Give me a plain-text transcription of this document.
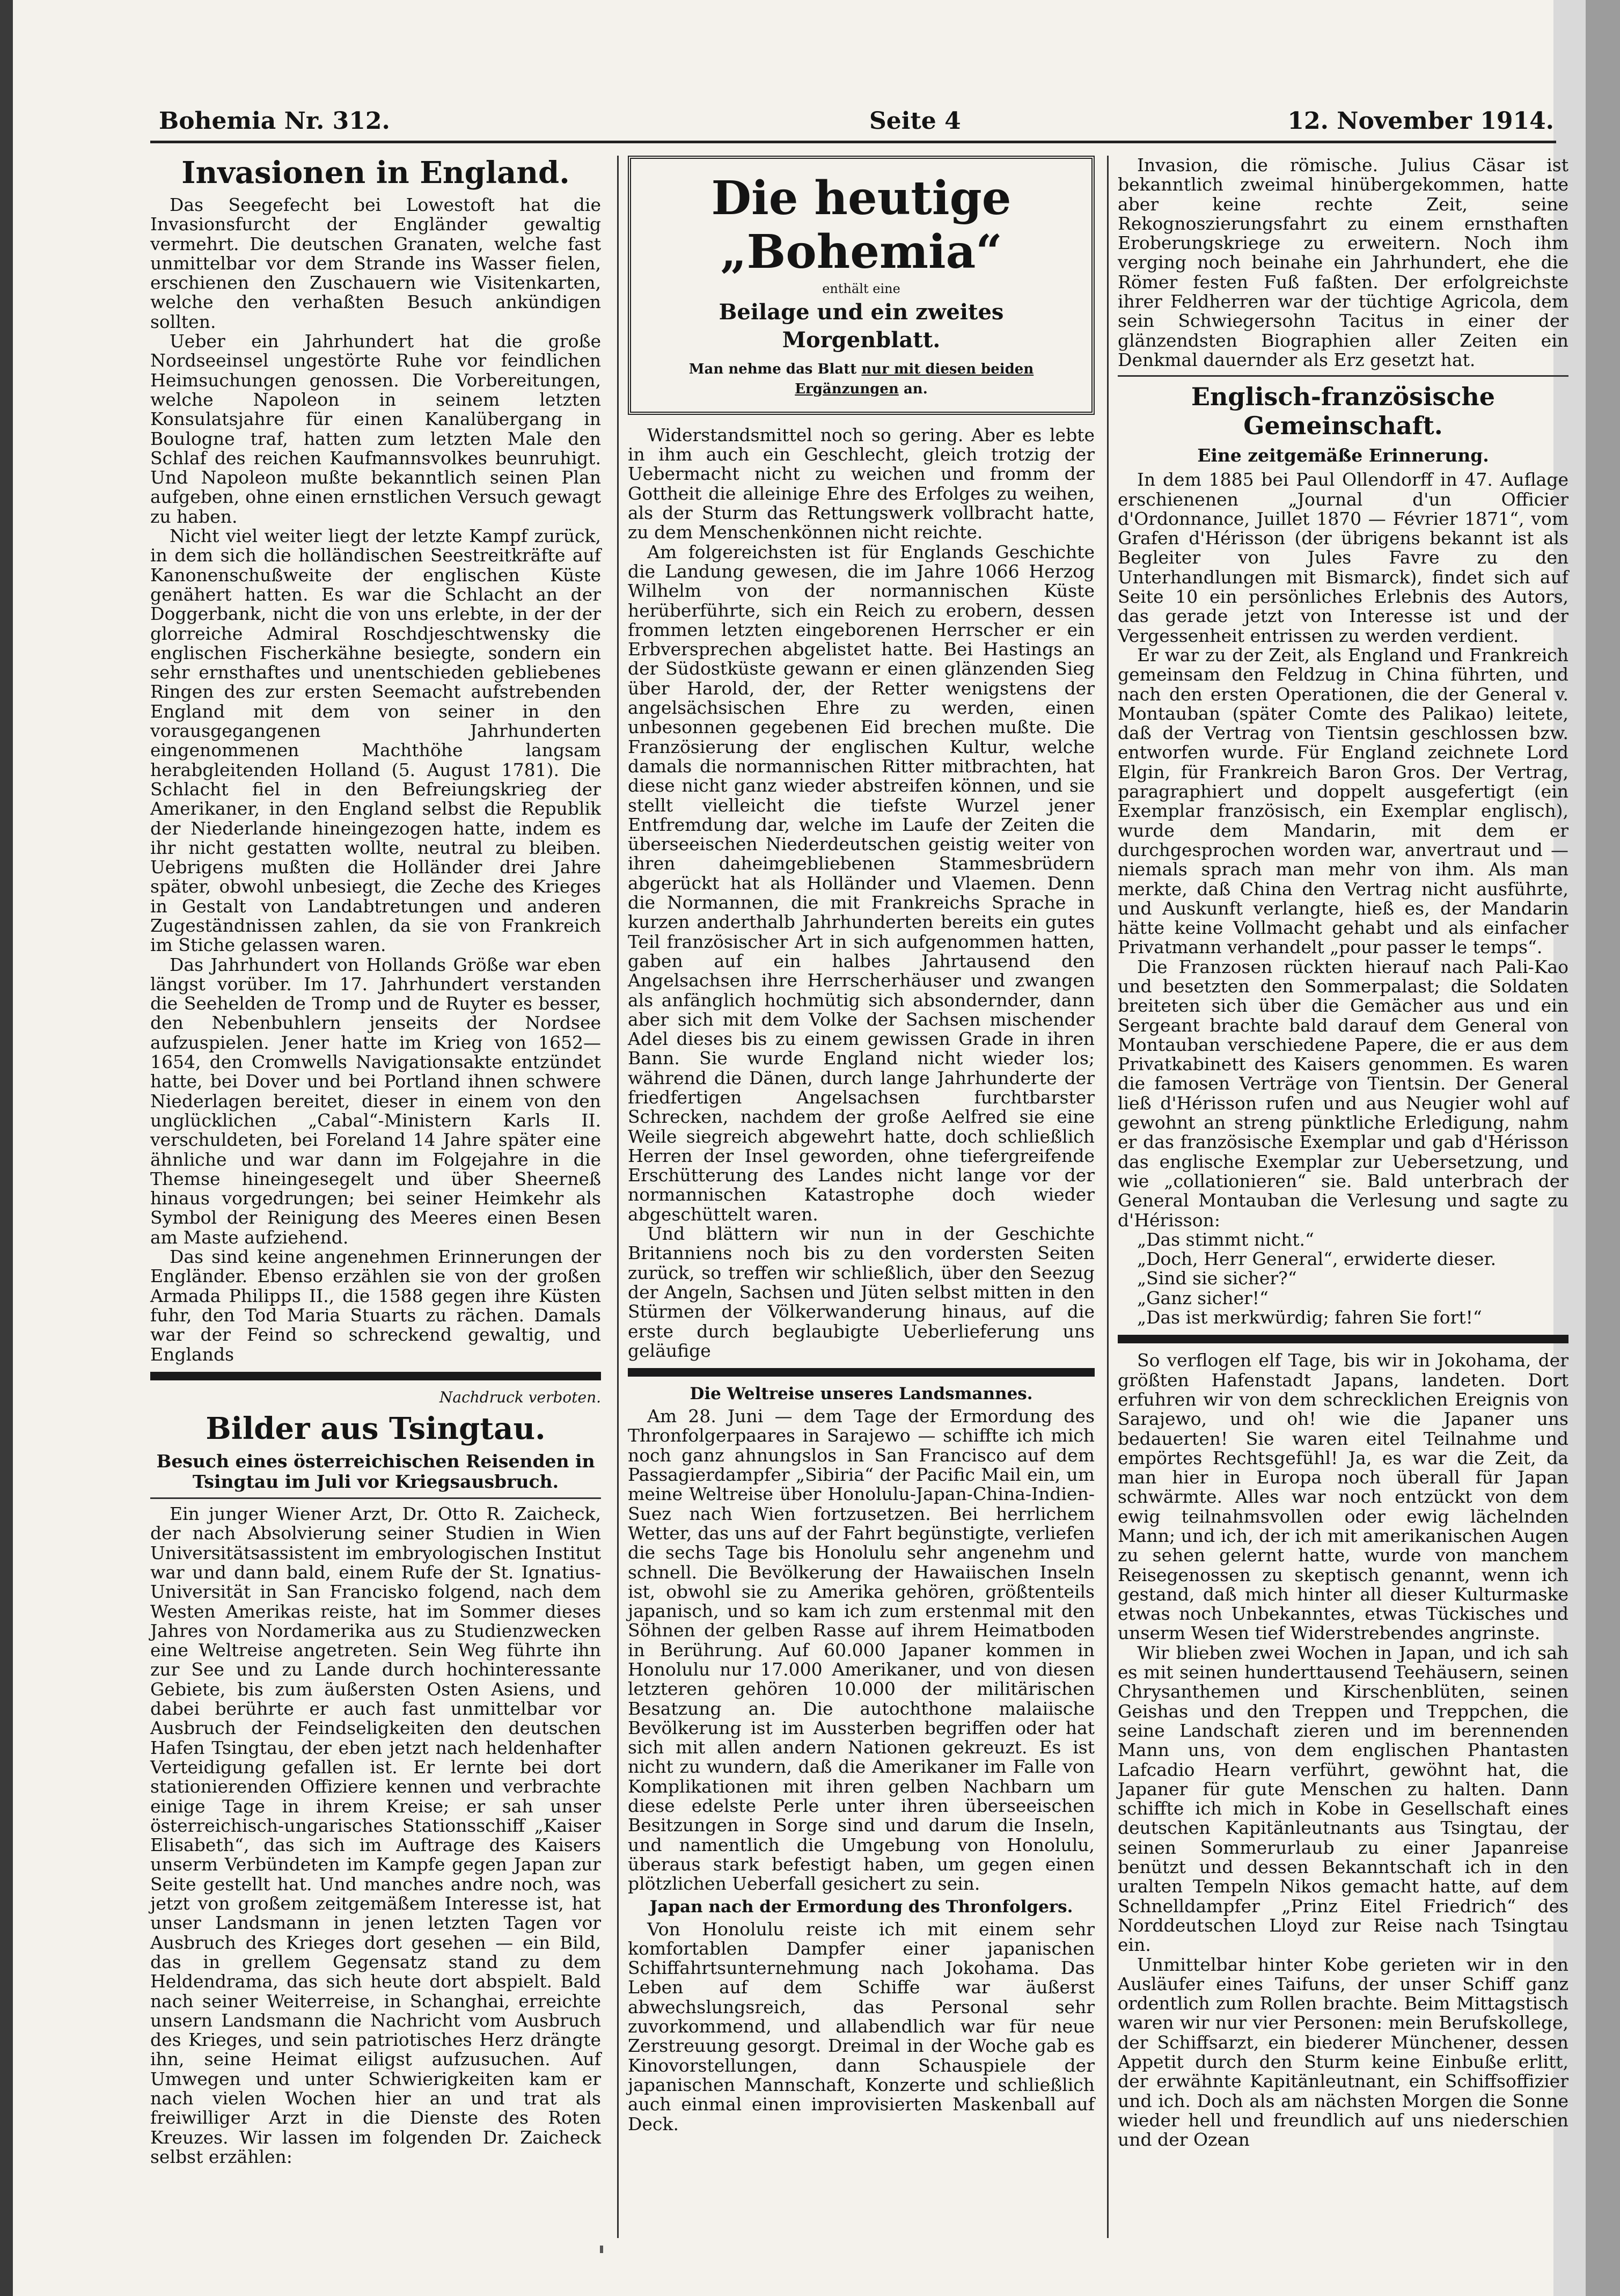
Bohemia Nr. 312.	Seite 4	12. November 1914.
Invasionen in England.

Das Seegefecht bei Lowestoft hat die Invasionsfurcht der Engländer gewaltig vermehrt. Die deutschen Granaten, welche fast unmittelbar vor dem Strande ins Wasser fielen, erschienen den Zuschauern wie Visitenkarten, welche den verhaßten Besuch ankündigen sollten.

Ueber ein Jahrhundert hat die große Nordseeinsel ungestörte Ruhe vor feindlichen Heimsuchungen genossen. Die Vorbereitungen, welche Napoleon in seinem letzten Konsulatsjahre für einen Kanalübergang in Boulogne traf, hatten zum letzten Male den Schlaf des reichen Kaufmannsvolkes beunruhigt. Und Napoleon mußte bekanntlich seinen Plan aufgeben, ohne einen ernstlichen Versuch gewagt zu haben.

Nicht viel weiter liegt der letzte Kampf zurück, in dem sich die holländischen Seestreitkräfte auf Kanonenschußweite der englischen Küste genähert hatten. Es war die Schlacht an der Doggerbank, nicht die von uns erlebte, in der der glorreiche Admiral Roschdjeschtwensky die englischen Fischerkähne besiegte, sondern ein sehr ernsthaftes und unentschieden gebliebenes Ringen des zur ersten Seemacht aufstrebenden England mit dem von seiner in den vorausgegangenen Jahrhunderten eingenommenen Machthöhe langsam herabgleitenden Holland (5. August 1781). Die Schlacht fiel in den Befreiungskrieg der Amerikaner, in den England selbst die Republik der Niederlande hineingezogen hatte, indem es ihr nicht gestatten wollte, neutral zu bleiben. Uebrigens mußten die Holländer drei Jahre später, obwohl unbesiegt, die Zeche des Krieges in Gestalt von Landabtretungen und anderen Zugeständnissen zahlen, da sie von Frankreich im Stiche gelassen waren.

Das Jahrhundert von Hollands Größe war eben längst vorüber. Im 17. Jahrhundert verstanden die Seehelden de Tromp und de Ruyter es besser, den Nebenbuhlern jenseits der Nordsee aufzuspielen. Jener hatte im Krieg von 1652—1654, den Cromwells Navigationsakte entzündet hatte, bei Dover und bei Portland ihnen schwere Niederlagen bereitet, dieser in einem von den unglücklichen „Cabal“-Ministern Karls II. verschuldeten, bei Foreland 14 Jahre später eine ähnliche und war dann im Folgejahre in die Themse hineingesegelt und über Sheerneß hinaus vorgedrungen; bei seiner Heimkehr als Symbol der Reinigung des Meeres einen Besen am Maste aufziehend.

Das sind keine angenehmen Erinnerungen der Engländer. Ebenso erzählen sie von der großen Armada Philipps II., die 1588 gegen ihre Küsten fuhr, den Tod Maria Stuarts zu rächen. Damals war der Feind so schreckend gewaltig, und Englands

Nachdruck verboten.
Bilder aus Tsingtau.
Besuch eines österreichischen Reisenden in Tsingtau im Juli vor Kriegsausbruch.

Ein junger Wiener Arzt, Dr. Otto R. Zaicheck, der nach Absolvierung seiner Studien in Wien Universitätsassistent im embryologischen Institut war und dann bald, einem Rufe der St. Ignatius-Universität in San Francisko folgend, nach dem Westen Amerikas reiste, hat im Sommer dieses Jahres von Nordamerika aus zu Studienzwecken eine Weltreise angetreten. Sein Weg führte ihn zur See und zu Lande durch hochinteressante Gebiete, bis zum äußersten Osten Asiens, und dabei berührte er auch fast unmittelbar vor Ausbruch der Feindseligkeiten den deutschen Hafen Tsingtau, der eben jetzt nach heldenhafter Verteidigung gefallen ist. Er lernte bei dort stationierenden Offiziere kennen und verbrachte einige Tage in ihrem Kreise; er sah unser österreichisch-ungarisches Stationsschiff „Kaiser Elisabeth“, das sich im Auftrage des Kaisers unserm Verbündeten im Kampfe gegen Japan zur Seite gestellt hat. Und manches andre noch, was jetzt von großem zeitgemäßem Interesse ist, hat unser Landsmann in jenen letzten Tagen vor Ausbruch des Krieges dort gesehen — ein Bild, das in grellem Gegensatz stand zu dem Heldendrama, das sich heute dort abspielt. Bald nach seiner Weiterreise, in Schanghai, erreichte unsern Landsmann die Nachricht vom Ausbruch des Krieges, und sein patriotisches Herz drängte ihn, seine Heimat eiligst aufzusuchen. Auf Umwegen und unter Schwierigkeiten kam er nach vielen Wochen hier an und trat als freiwilliger Arzt in die Dienste des Roten Kreuzes. Wir lassen im folgenden Dr. Zaicheck selbst erzählen:

Die heutige „Bohemia“
enthält eine
Beilage und ein zweites Morgenblatt.
Man nehme das Blatt nur mit diesen beiden Ergänzungen an.

Widerstandsmittel noch so gering. Aber es lebte in ihm auch ein Geschlecht, gleich trotzig der Uebermacht nicht zu weichen und fromm der Gottheit die alleinige Ehre des Erfolges zu weihen, als der Sturm das Rettungswerk vollbracht hatte, zu dem Menschenkönnen nicht reichte.

Am folgereichsten ist für Englands Geschichte die Landung gewesen, die im Jahre 1066 Herzog Wilhelm von der normannischen Küste herüberführte, sich ein Reich zu erobern, dessen frommen letzten eingeborenen Herrscher er ein Erbversprechen abgelistet hatte. Bei Hastings an der Südostküste gewann er einen glänzenden Sieg über Harold, der, der Retter wenigstens der angelsächsischen Ehre zu werden, einen unbesonnen gegebenen Eid brechen mußte. Die Französierung der englischen Kultur, welche damals die normannischen Ritter mitbrachten, hat diese nicht ganz wieder abstreifen können, und sie stellt vielleicht die tiefste Wurzel jener Entfremdung dar, welche im Laufe der Zeiten die überseeischen Niederdeutschen geistig weiter von ihren daheimgebliebenen Stammesbrüdern abgerückt hat als Holländer und Vlaemen. Denn die Normannen, die mit Frankreichs Sprache in kurzen anderthalb Jahrhunderten bereits ein gutes Teil französischer Art in sich aufgenommen hatten, gaben auf ein halbes Jahrtausend den Angelsachsen ihre Herrscherhäuser und zwangen als anfänglich hochmütig sich absondernder, dann aber sich mit dem Volke der Sachsen mischender Adel dieses bis zu einem gewissen Grade in ihren Bann. Sie wurde England nicht wieder los; während die Dänen, durch lange Jahrhunderte der friedfertigen Angelsachsen furchtbarster Schrecken, nachdem der große Aelfred sie eine Weile siegreich abgewehrt hatte, doch schließlich Herren der Insel geworden, ohne tiefergreifende Erschütterung des Landes nicht lange vor der normannischen Katastrophe doch wieder abgeschüttelt waren.

Und blättern wir nun in der Geschichte Britanniens noch bis zu den vordersten Seiten zurück, so treffen wir schließlich, über den Seezug der Angeln, Sachsen und Jüten selbst mitten in den Stürmen der Völkerwanderung hinaus, auf die erste durch beglaubigte Ueberlieferung uns geläufige

Die Weltreise unseres Landsmannes.

Am 28. Juni — dem Tage der Ermordung des Thronfolgerpaares in Sarajewo — schiffte ich mich noch ganz ahnungslos in San Francisco auf dem Passagierdampfer „Sibiria“ der Pacific Mail ein, um meine Weltreise über Honolulu-Japan-China-Indien-Suez nach Wien fortzusetzen. Bei herrlichem Wetter, das uns auf der Fahrt begünstigte, verliefen die sechs Tage bis Honolulu sehr angenehm und schnell. Die Bevölkerung der Hawaiischen Inseln ist, obwohl sie zu Amerika gehören, größtenteils japanisch, und so kam ich zum erstenmal mit den Söhnen der gelben Rasse auf ihrem Heimatboden in Berührung. Auf 60.000 Japaner kommen in Honolulu nur 17.000 Amerikaner, und von diesen letzteren gehören 10.000 der militärischen Besatzung an. Die autochthone malaiische Bevölkerung ist im Aussterben begriffen oder hat sich mit allen andern Nationen gekreuzt. Es ist nicht zu wundern, daß die Amerikaner im Falle von Komplikationen mit ihren gelben Nachbarn um diese edelste Perle unter ihren überseeischen Besitzungen in Sorge sind und darum die Inseln, und namentlich die Umgebung von Honolulu, überaus stark befestigt haben, um gegen einen plötzlichen Ueberfall gesichert zu sein.

Japan nach der Ermordung des Thronfolgers.

Von Honolulu reiste ich mit einem sehr komfortablen Dampfer einer japanischen Schiffahrtsunternehmung nach Jokohama. Das Leben auf dem Schiffe war äußerst abwechslungsreich, das Personal sehr zuvorkommend, und allabendlich war für neue Zerstreuung gesorgt. Dreimal in der Woche gab es Kinovorstellungen, dann Schauspiele der japanischen Mannschaft, Konzerte und schließlich auch einmal einen improvisierten Maskenball auf Deck.

Invasion, die römische. Julius Cäsar ist bekanntlich zweimal hinübergekommen, hatte aber keine rechte Zeit, seine Rekognoszierungsfahrt zu einem ernsthaften Eroberungskriege zu erweitern. Noch ihm verging noch beinahe ein Jahrhundert, ehe die Römer festen Fuß faßten. Der erfolgreichste ihrer Feldherren war der tüchtige Agricola, dem sein Schwiegersohn Tacitus in einer der glänzendsten Biographien aller Zeiten ein Denkmal dauernder als Erz gesetzt hat.

Englisch-französische Gemeinschaft.
Eine zeitgemäße Erinnerung.

In dem 1885 bei Paul Ollendorff in 47. Auflage erschienenen „Journal d'un Officier d'Ordonnance, Juillet 1870 — Février 1871“, vom Grafen d'Hérisson (der übrigens bekannt ist als Begleiter von Jules Favre zu den Unterhandlungen mit Bismarck), findet sich auf Seite 10 ein persönliches Erlebnis des Autors, das gerade jetzt von Interesse ist und der Vergessenheit entrissen zu werden verdient.

Er war zu der Zeit, als England und Frankreich gemeinsam den Feldzug in China führten, und nach den ersten Operationen, die der General v. Montauban (später Comte des Palikao) leitete, daß der Vertrag von Tientsin geschlossen bzw. entworfen wurde. Für England zeichnete Lord Elgin, für Frankreich Baron Gros. Der Vertrag, paragraphiert und doppelt ausgefertigt (ein Exemplar französisch, ein Exemplar englisch), wurde dem Mandarin, mit dem er durchgesprochen worden war, anvertraut und — niemals sprach man mehr von ihm. Als man merkte, daß China den Vertrag nicht ausführte, und Auskunft verlangte, hieß es, der Mandarin hätte keine Vollmacht gehabt und als einfacher Privatmann verhandelt „pour passer le temps“.

Die Franzosen rückten hierauf nach Pali-Kao und besetzten den Sommerpalast; die Soldaten breiteten sich über die Gemächer aus und ein Sergeant brachte bald darauf dem General von Montauban verschiedene Papere, die er aus dem Privatkabinett des Kaisers genommen. Es waren die famosen Verträge von Tientsin. Der General ließ d'Hérisson rufen und aus Neugier wohl auf gewohnt an streng pünktliche Erledigung, nahm er das französische Exemplar und gab d'Hérisson das englische Exemplar zur Uebersetzung, und wie „collationieren“ sie. Bald unterbrach der General Montauban die Verlesung und sagte zu d'Hérisson:

„Das stimmt nicht.“

„Doch, Herr General“, erwiderte dieser.

„Sind sie sicher?“

„Ganz sicher!“

„Das ist merkwürdig; fahren Sie fort!“

So verflogen elf Tage, bis wir in Jokohama, der größten Hafenstadt Japans, landeten. Dort erfuhren wir von dem schrecklichen Ereignis von Sarajewo, und oh! wie die Japaner uns bedauerten! Sie waren eitel Teilnahme und empörtes Rechtsgefühl! Ja, es war die Zeit, da man hier in Europa noch überall für Japan schwärmte. Alles war noch entzückt von dem ewig teilnahmsvollen oder ewig lächelnden Mann; und ich, der ich mit amerikanischen Augen zu sehen gelernt hatte, wurde von manchem Reisegenossen zu skeptisch genannt, wenn ich gestand, daß mich hinter all dieser Kulturmaske etwas noch Unbekanntes, etwas Tückisches und unserm Wesen tief Widerstrebendes angrinste.

Wir blieben zwei Wochen in Japan, und ich sah es mit seinen hunderttausend Teehäusern, seinen Chrysanthemen und Kirschenblüten, seinen Geishas und den Treppen und Treppchen, die seine Landschaft zieren und im berennenden Mann uns, von dem englischen Phantasten Lafcadio Hearn verführt, gewöhnt hat, die Japaner für gute Menschen zu halten. Dann schiffte ich mich in Kobe in Gesellschaft eines deutschen Kapitänleutnants aus Tsingtau, der seinen Sommerurlaub zu einer Japanreise benützt und dessen Bekanntschaft ich in den uralten Tempeln Nikos gemacht hatte, auf dem Schnelldampfer „Prinz Eitel Friedrich“ des Norddeutschen Lloyd zur Reise nach Tsingtau ein.

Unmittelbar hinter Kobe gerieten wir in den Ausläufer eines Taifuns, der unser Schiff ganz ordentlich zum Rollen brachte. Beim Mittagstisch waren wir nur vier Personen: mein Berufskollege, der Schiffsarzt, ein biederer Münchener, dessen Appetit durch den Sturm keine Einbuße erlitt, der erwähnte Kapitänleutnant, ein Schiffsoffizier und ich. Doch als am nächsten Morgen die Sonne wieder hell und freundlich auf uns niederschien und der Ozean
